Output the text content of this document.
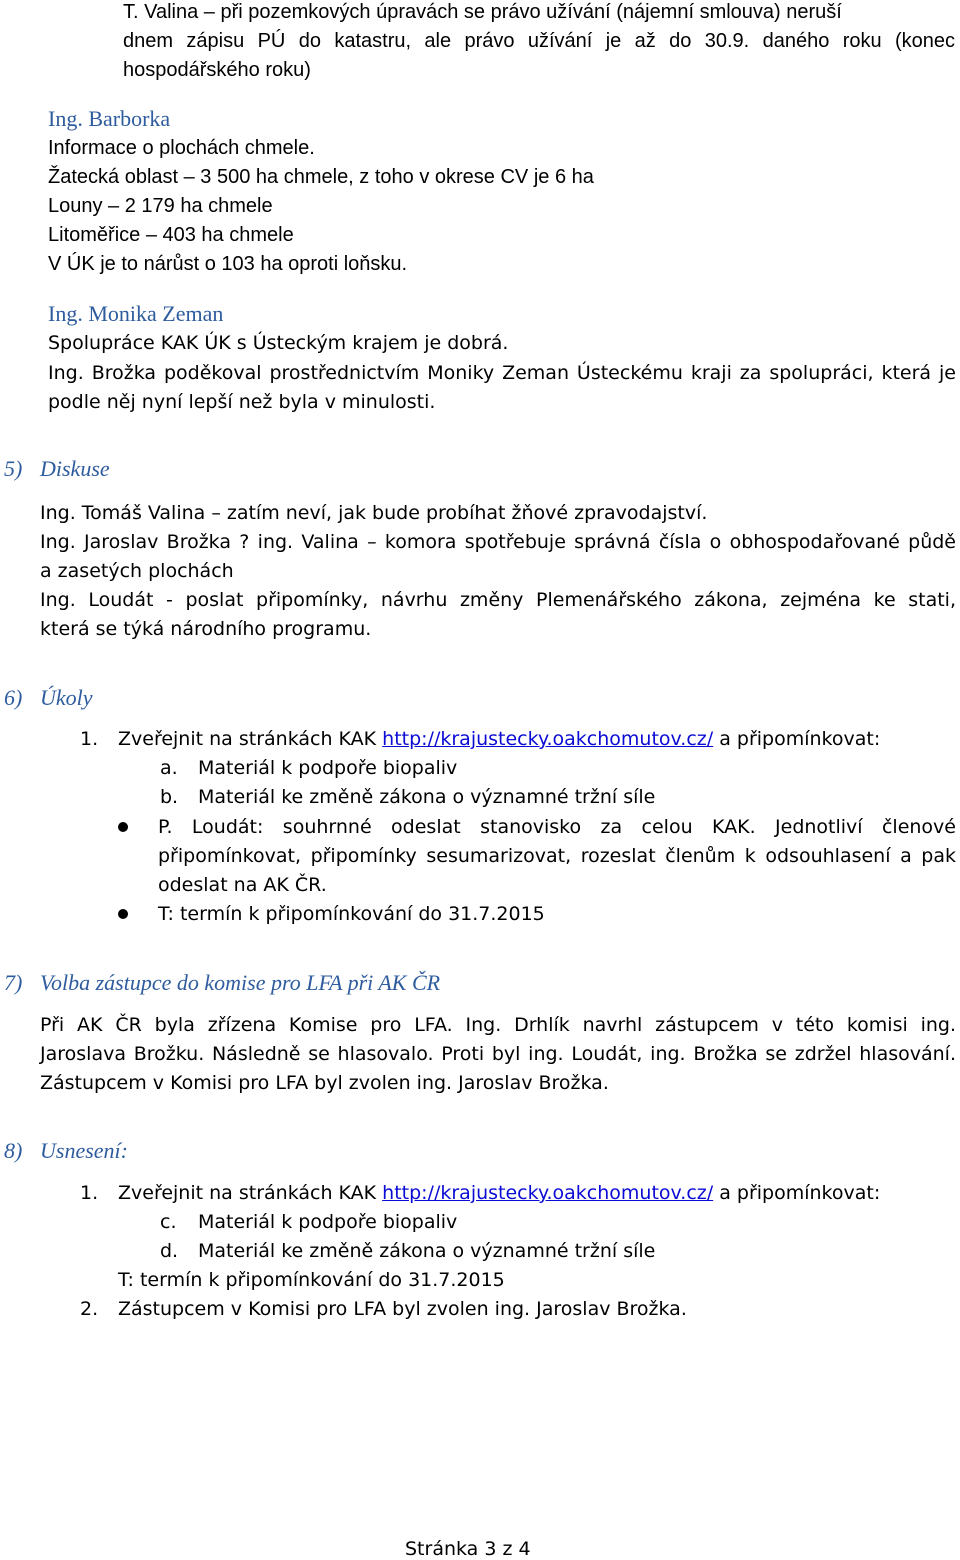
T. Valina – při pozemkových úpravách se právo užívání (nájemní smlouva) neruší
dnem zápisu PÚ do katastru, ale právo užívání je až do 30.9. daného roku (konec
hospodářského roku)
Ing. Barborka
Informace o plochách chmele.
Žatecká oblast – 3 500 ha chmele, z toho v okrese CV je 6 ha
Louny – 2 179 ha chmele
Litoměřice – 403 ha chmele
V ÚK je to nárůst o 103 ha oproti loňsku.
Ing. Monika Zeman
Spolupráce KAK ÚK s Ústeckým krajem je dobrá.
Ing. Brožka poděkoval prostřednictvím Moniky Zeman Ústeckému kraji za spolupráci, která je
podle něj nyní lepší než byla v minulosti.
5) Diskuse
Ing. Tomáš Valina – zatím neví, jak bude probíhat žňové zpravodajství.
Ing. Jaroslav Brožka ? ing. Valina – komora spotřebuje správná čísla o obhospodařované půdě
a zasetých plochách
Ing. Loudát - poslat připomínky, návrhu změny Plemenářského zákona, zejména ke stati,
která se týká národního programu.
6) Úkoly
1. Zveřejnit na stránkách KAK http://krajustecky.oakchomutov.cz/ a připomínkovat:
a. Materiál k podpoře biopaliv
b. Materiál ke změně zákona o významné tržní síle
P. Loudát: souhrnné odeslat stanovisko za celou KAK. Jednotliví členové
připomínkovat, připomínky sesumarizovat, rozeslat členům k odsouhlasení a pak
odeslat na AK ČR.
T: termín k připomínkování do 31.7.2015
7) Volba zástupce do komise pro LFA při AK ČR
Při AK ČR byla zřízena Komise pro LFA. Ing. Drhlík navrhl zástupcem v této komisi ing.
Jaroslava Brožku. Následně se hlasovalo. Proti byl ing. Loudát, ing. Brožka se zdržel hlasování.
Zástupcem v Komisi pro LFA byl zvolen ing. Jaroslav Brožka.
8) Usnesení:
1. Zveřejnit na stránkách KAK http://krajustecky.oakchomutov.cz/ a připomínkovat:
c. Materiál k podpoře biopaliv
d. Materiál ke změně zákona o významné tržní síle
T: termín k připomínkování do 31.7.2015
2. Zástupcem v Komisi pro LFA byl zvolen ing. Jaroslav Brožka.
Stránka 3 z 4
